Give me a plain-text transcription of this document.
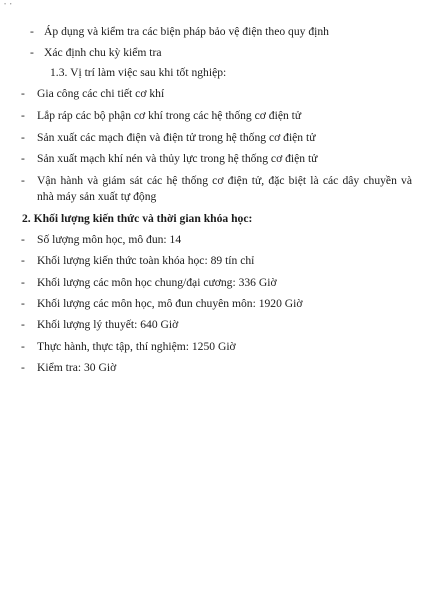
• •
- Áp dụng và kiểm tra các biện pháp bảo vệ điện theo quy định
- Xác định chu kỳ kiểm tra
1.3. Vị trí làm việc sau khi tốt nghiệp:
- Gia công các chi tiết cơ khí
- Lắp ráp các bộ phận cơ khí trong các hệ thống cơ điện tử
- Sản xuất các mạch điện và điện tử trong hệ thống cơ điện tử
- Sản xuất mạch khí nén và thủy lực trong hệ thống cơ điện tử
- Vận hành và giám sát các hệ thống cơ điện tử, đặc biệt là các dây chuyền và
nhà máy sản xuất tự động
2. Khối lượng kiến thức và thời gian khóa học:
- Số lượng môn học, mô đun: 14
- Khối lượng kiến thức toàn khóa học: 89 tín chỉ
- Khối lượng các môn học chung/đại cương: 336 Giờ
- Khối lượng các môn học, mô đun chuyên môn: 1920 Giờ
- Khối lượng lý thuyết: 640 Giờ
- Thực hành, thực tập, thí nghiệm: 1250 Giờ
- Kiểm tra: 30 Giờ
